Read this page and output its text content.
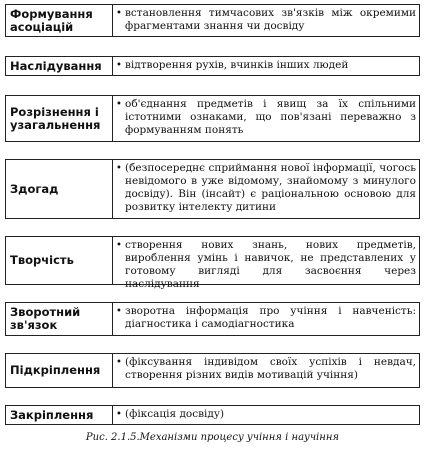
Формування асоціацій
• встановлення тимчасових зв'язків між окремими фрагментами знання чи досвіду
Наслідування	• відтворення рухів, вчинків інших людей
Розрізнення і узагальнення
• об'єднання предметів і явищ за їх спільними істотними ознаками, що пов'язані переважно з формуванням понять
Здогад
• (безпосереднє сприймання нової інформації, чогось невідомого в уже відомому, знайомому з минулого досвіду). Він (інсайт) є раціональною основою для розвитку інтелекту дитини
Творчість
• створення нових знань, нових предметів, вироблення умінь і навичок, не представлених у готовому вигляді для засвоєння через наслідування
Зворотний зв'язок
• зворотна інформація про учіння і навченість: діагностика і самодіагностика
Підкріплення
• (фіксування індивідом своїх успіхів і невдач, створення різних видів мотивацій учіння)
Закріплення	• (фіксація досвіду)
Рис. 2.1.5.Механізми процесу учіння і научіння
